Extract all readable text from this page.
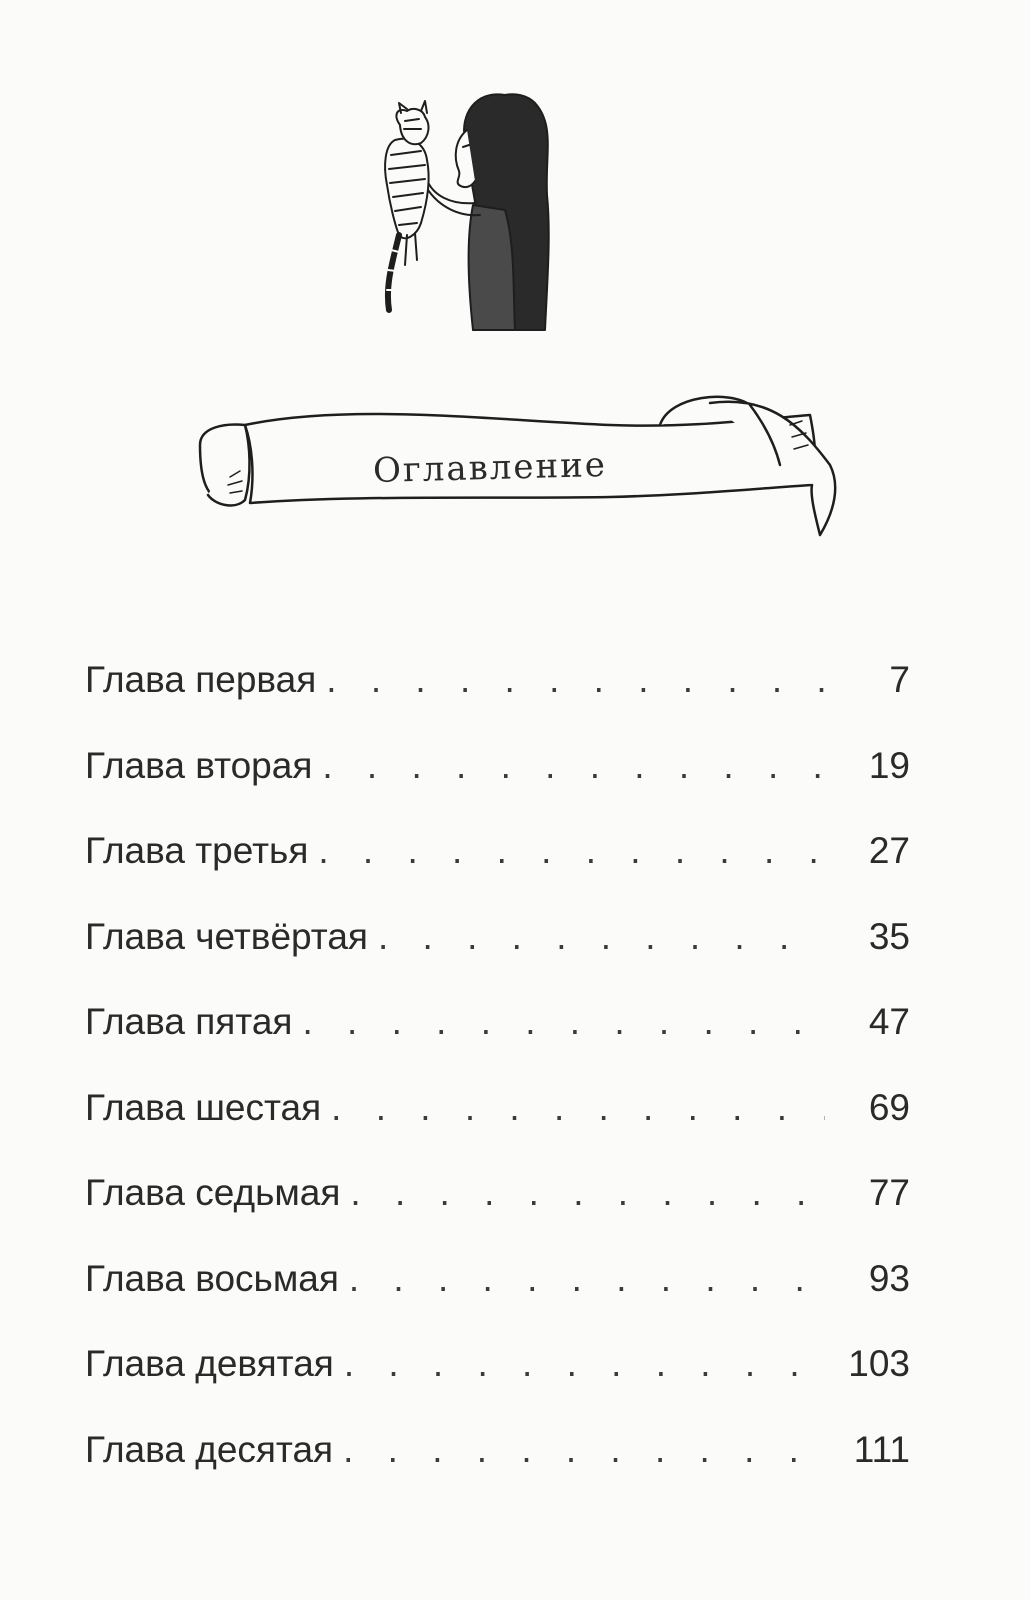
Оглавление
Глава первая . . .	7
Глава вторая . . .	19
Глава третья . . .	27
Глава четвёртая . . .	35
Глава пятая . . .	47
Глава шестая . . .	69
Глава седьмая . . .	77
Глава восьмая . . .	93
Глава девятая . . .	103
Глава десятая . . .	111
